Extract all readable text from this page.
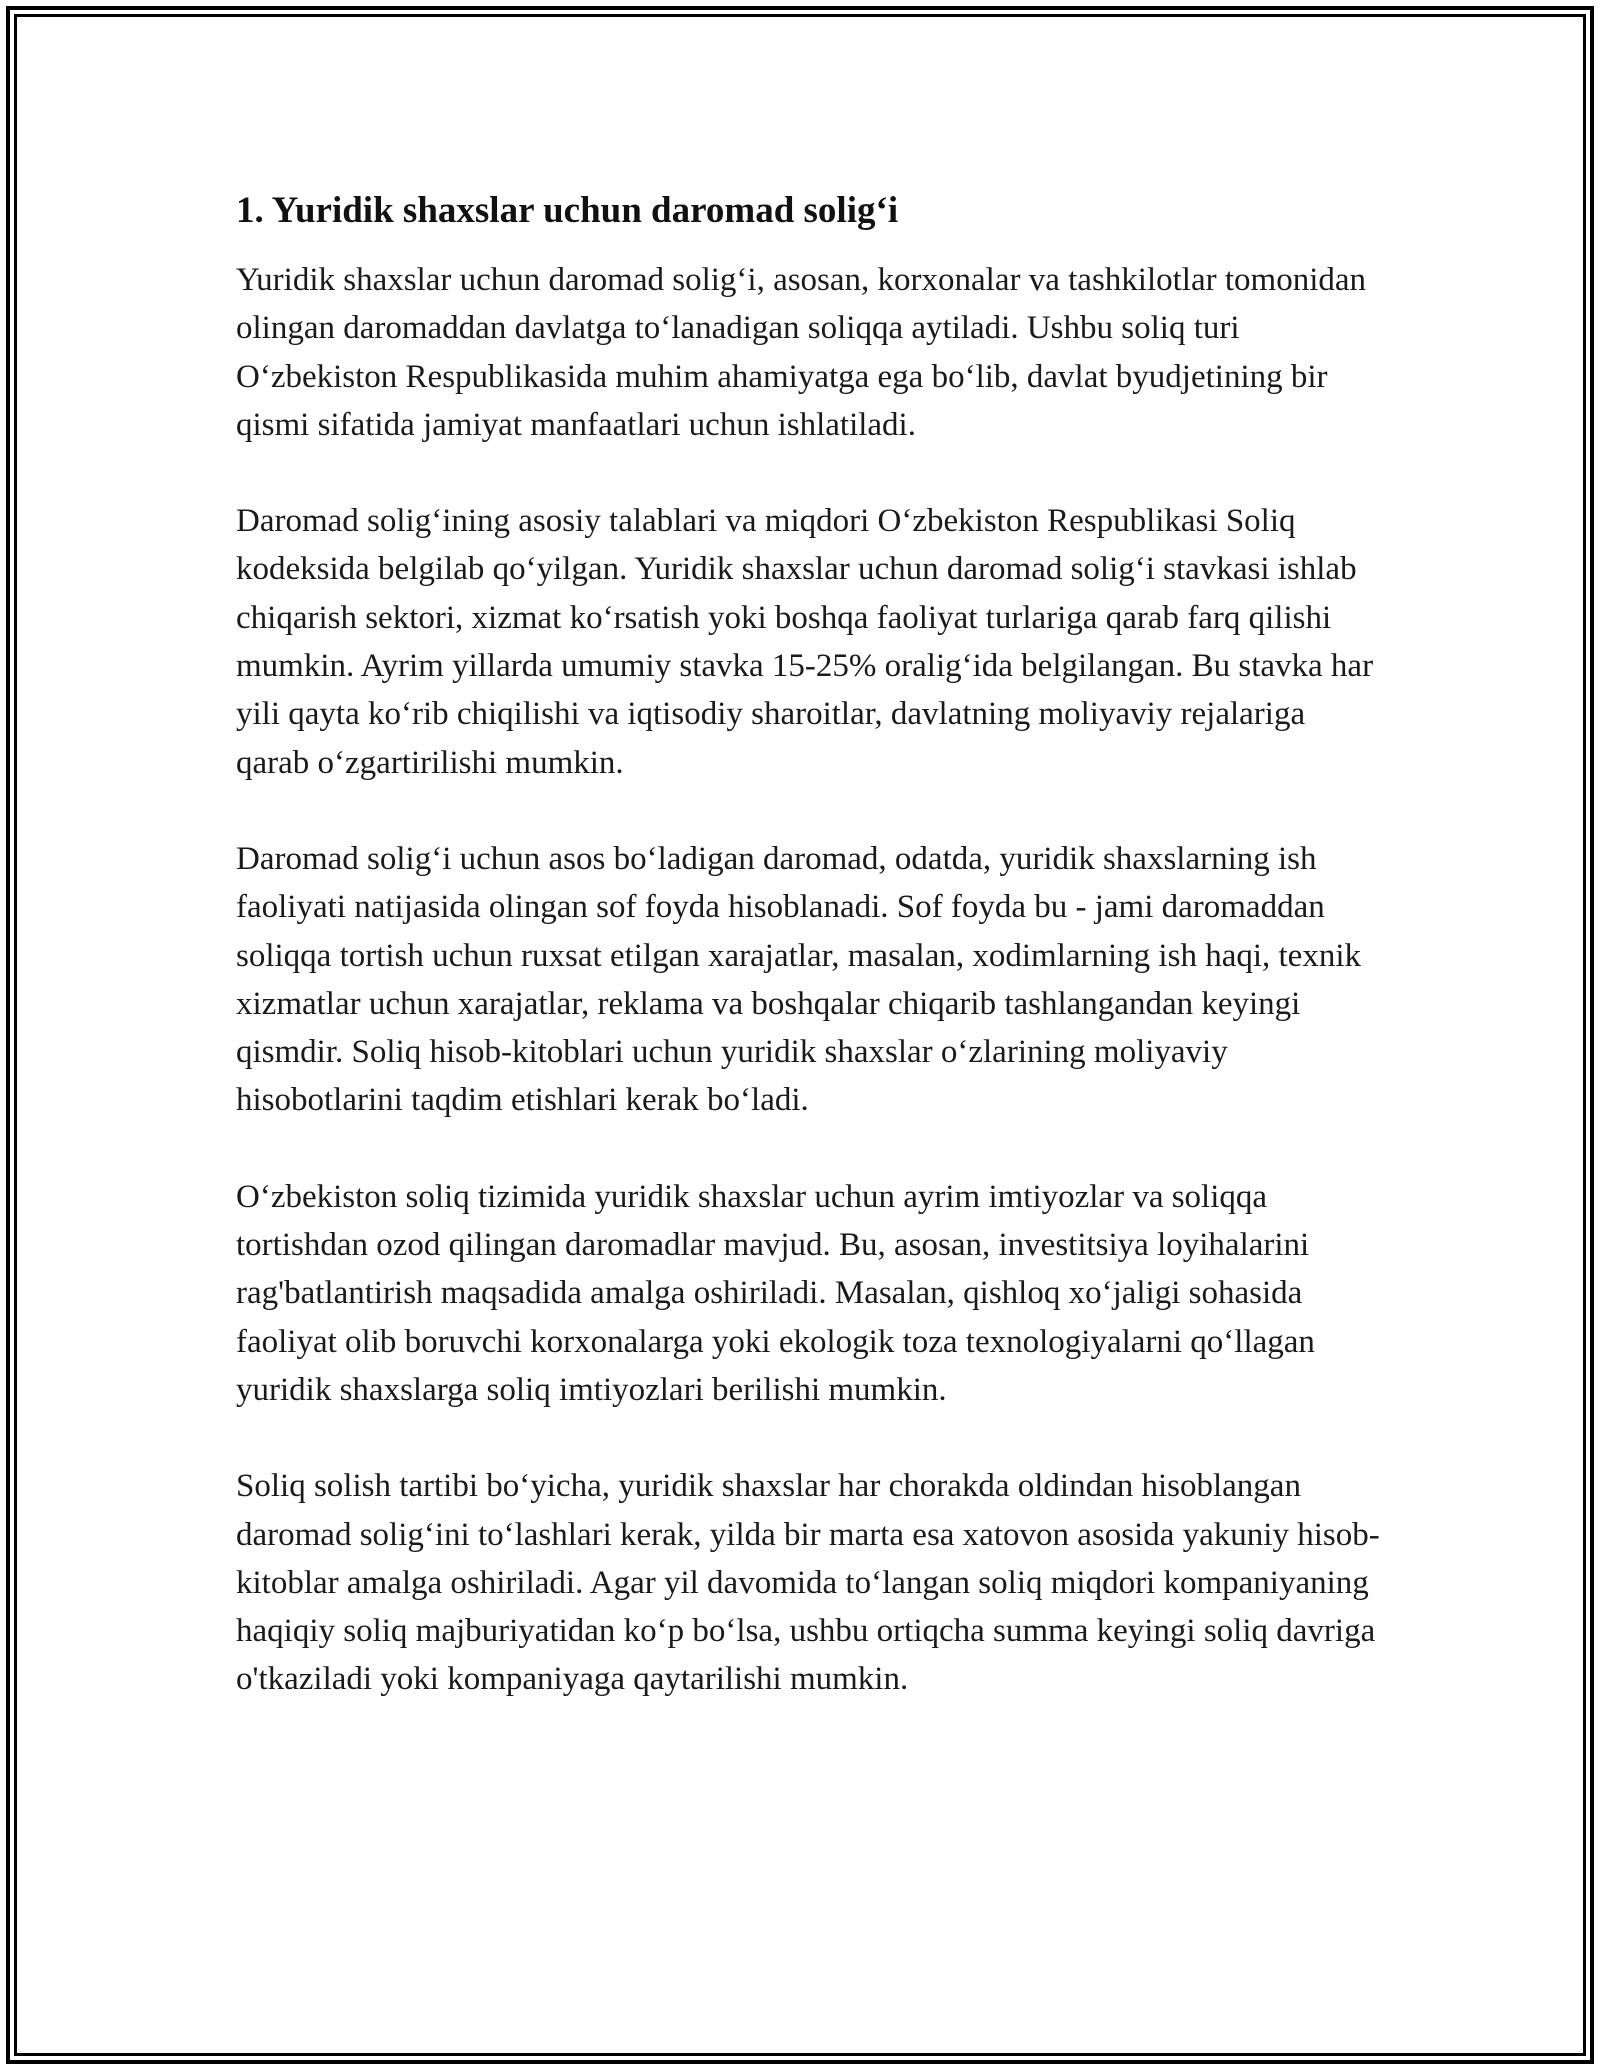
1. Yuridik shaxslar uchun daromad solig‘i

Yuridik shaxslar uchun daromad solig‘i, asosan, korxonalar va tashkilotlar tomonidan olingan daromaddan davlatga to‘lanadigan soliqqa aytiladi. Ushbu soliq turi O‘zbekiston Respublikasida muhim ahamiyatga ega bo‘lib, davlat byudjetining bir qismi sifatida jamiyat manfaatlari uchun ishlatiladi.

Daromad solig‘ining asosiy talablari va miqdori O‘zbekiston Respublikasi Soliq kodeksida belgilab qo‘yilgan. Yuridik shaxslar uchun daromad solig‘i stavkasi ishlab chiqarish sektori, xizmat ko‘rsatish yoki boshqa faoliyat turlariga qarab farq qilishi mumkin. Ayrim yillarda umumiy stavka 15-25% oralig‘ida belgilangan. Bu stavka har yili qayta ko‘rib chiqilishi va iqtisodiy sharoitlar, davlatning moliyaviy rejalariga qarab o‘zgartirilishi mumkin.

Daromad solig‘i uchun asos bo‘ladigan daromad, odatda, yuridik shaxslarning ish faoliyati natijasida olingan sof foyda hisoblanadi. Sof foyda bu - jami daromaddan soliqqa tortish uchun ruxsat etilgan xarajatlar, masalan, xodimlarning ish haqi, texnik xizmatlar uchun xarajatlar, reklama va boshqalar chiqarib tashlangandan keyingi qismdir. Soliq hisob-kitoblari uchun yuridik shaxslar o‘zlarining moliyaviy hisobotlarini taqdim etishlari kerak bo‘ladi.

O‘zbekiston soliq tizimida yuridik shaxslar uchun ayrim imtiyozlar va soliqqa tortishdan ozod qilingan daromadlar mavjud. Bu, asosan, investitsiya loyihalarini rag'batlantirish maqsadida amalga oshiriladi. Masalan, qishloq xo‘jaligi sohasida faoliyat olib boruvchi korxonalarga yoki ekologik toza texnologiyalarni qo‘llagan yuridik shaxslarga soliq imtiyozlari berilishi mumkin.

Soliq solish tartibi bo‘yicha, yuridik shaxslar har chorakda oldindan hisoblangan daromad solig‘ini to‘lashlari kerak, yilda bir marta esa xatovon asosida yakuniy hisob-kitoblar amalga oshiriladi. Agar yil davomida to‘langan soliq miqdori kompaniyaning haqiqiy soliq majburiyatidan ko‘p bo‘lsa, ushbu ortiqcha summa keyingi soliq davriga o'tkaziladi yoki kompaniyaga qaytarilishi mumkin.
